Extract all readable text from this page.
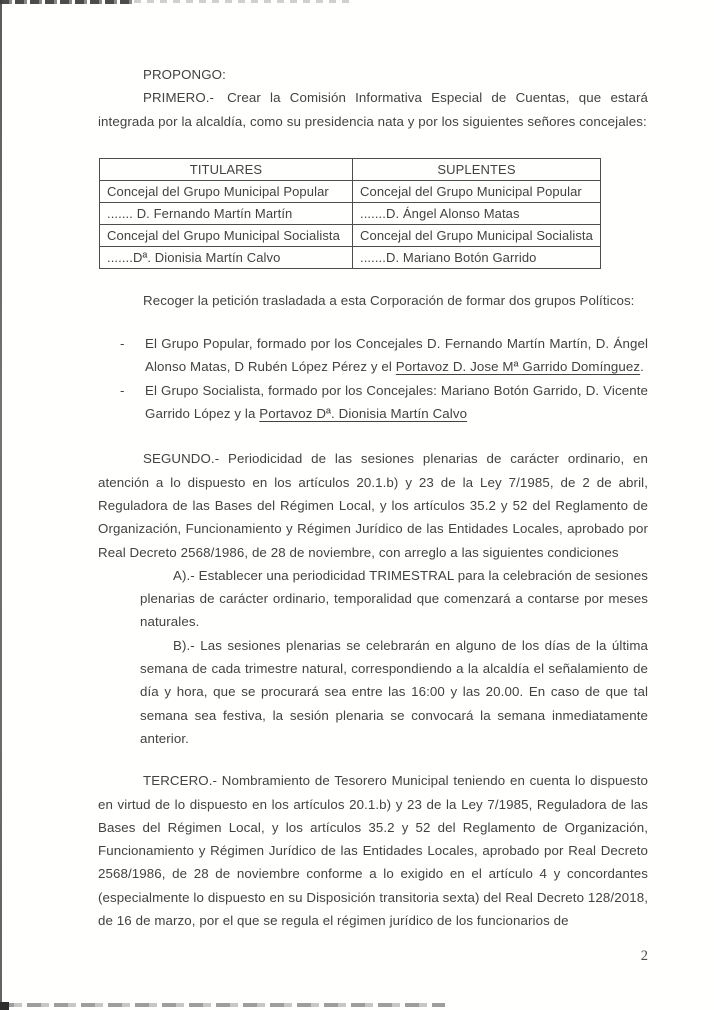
PROPONGO:

PRIMERO.- Crear la Comisión Informativa Especial de Cuentas, que estará integrada por la alcaldía, como su presidencia nata y por los siguientes señores concejales:

TITULARES	SUPLENTES
Concejal del Grupo Municipal Popular	Concejal del Grupo Municipal Popular
....... D. Fernando Martín Martín	.......D. Ángel Alonso Matas
Concejal del Grupo Municipal Socialista	Concejal del Grupo Municipal Socialista
.......Dª. Dionisia Martín Calvo	.......D. Mariano Botón Garrido

Recoger la petición trasladada a esta Corporación de formar dos grupos Políticos:

-	El Grupo Popular, formado por los Concejales D. Fernando Martín Martín, D. Ángel Alonso Matas, D Rubén López Pérez y el Portavoz D. Jose Mª Garrido Domínguez.

-	El Grupo Socialista, formado por los Concejales: Mariano Botón Garrido, D. Vicente Garrido López y la Portavoz Dª. Dionisia Martín Calvo

SEGUNDO.- Periodicidad de las sesiones plenarias de carácter ordinario, en atención a lo dispuesto en los artículos 20.1.b) y 23 de la Ley 7/1985, de 2 de abril, Reguladora de las Bases del Régimen Local, y los artículos 35.2 y 52 del Reglamento de Organización, Funcionamiento y Régimen Jurídico de las Entidades Locales, aprobado por Real Decreto 2568/1986, de 28 de noviembre, con arreglo a las siguientes condiciones

A).- Establecer una periodicidad TRIMESTRAL para la celebración de sesiones plenarias de carácter ordinario, temporalidad que comenzará a contarse por meses naturales.

B).- Las sesiones plenarias se celebrarán en alguno de los días de la última semana de cada trimestre natural, correspondiendo a la alcaldía el señalamiento de día y hora, que se procurará sea entre las 16:00 y las 20.00. En caso de que tal semana sea festiva, la sesión plenaria se convocará la semana inmediatamente anterior.

TERCERO.- Nombramiento de Tesorero Municipal teniendo en cuenta lo dispuesto en virtud de lo dispuesto en los artículos 20.1.b) y 23 de la Ley 7/1985, Reguladora de las Bases del Régimen Local, y los artículos 35.2 y 52 del Reglamento de Organización, Funcionamiento y Régimen Jurídico de las Entidades Locales, aprobado por Real Decreto 2568/1986, de 28 de noviembre conforme a lo exigido en el artículo 4 y concordantes (especialmente lo dispuesto en su Disposición transitoria sexta) del Real Decreto 128/2018, de 16 de marzo, por el que se regula el régimen jurídico de los funcionarios de

2
